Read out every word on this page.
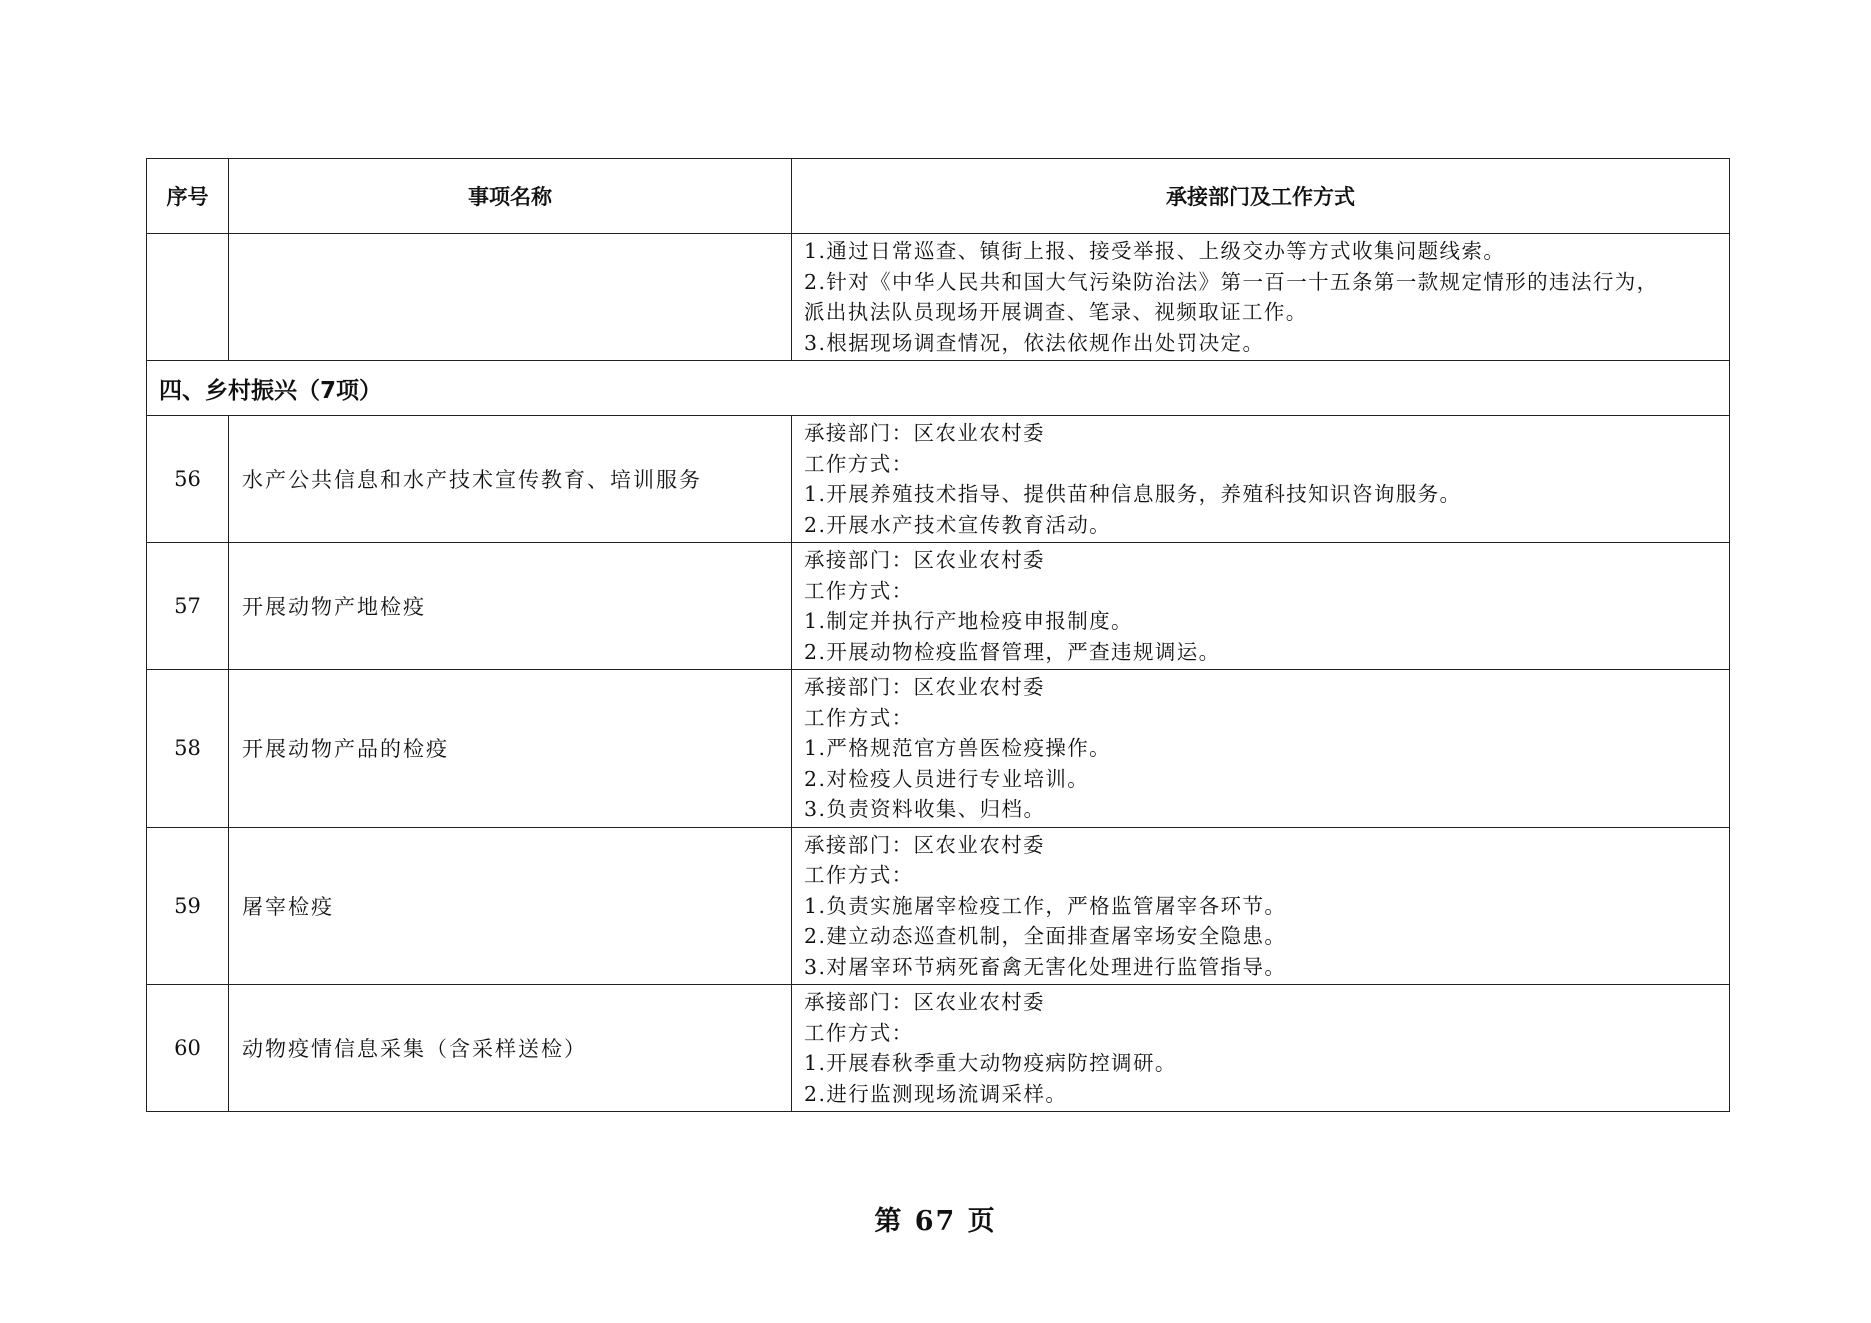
序号	事项名称	承接部门及工作方式

		1.通过日常巡查、镇街上报、接受举报、上级交办等方式收集问题线索。
2.针对《中华人民共和国大气污染防治法》第一百一十五条第一款规定情形的违法行为，
派出执法队员现场开展调查、笔录、视频取证工作。
3.根据现场调查情况，依法依规作出处罚决定。

四、乡村振兴（7项）		
56	水产公共信息和水产技术宣传教育、培训服务	承接部门：区农业农村委
工作方式：
1.开展养殖技术指导、提供苗种信息服务，养殖科技知识咨询服务。
2.开展水产技术宣传教育活动。

57	开展动物产地检疫	承接部门：区农业农村委
工作方式：
1.制定并执行产地检疫申报制度。
2.开展动物检疫监督管理，严查违规调运。

58	开展动物产品的检疫	承接部门：区农业农村委
工作方式：
1.严格规范官方兽医检疫操作。
2.对检疫人员进行专业培训。
3.负责资料收集、归档。

59	屠宰检疫	承接部门：区农业农村委
工作方式：
1.负责实施屠宰检疫工作，严格监管屠宰各环节。
2.建立动态巡查机制，全面排查屠宰场安全隐患。
3.对屠宰环节病死畜禽无害化处理进行监管指导。

60	动物疫情信息采集（含采样送检）	承接部门：区农业农村委
工作方式：
1.开展春秋季重大动物疫病防控调研。
2.进行监测现场流调采样。
第 67 页
